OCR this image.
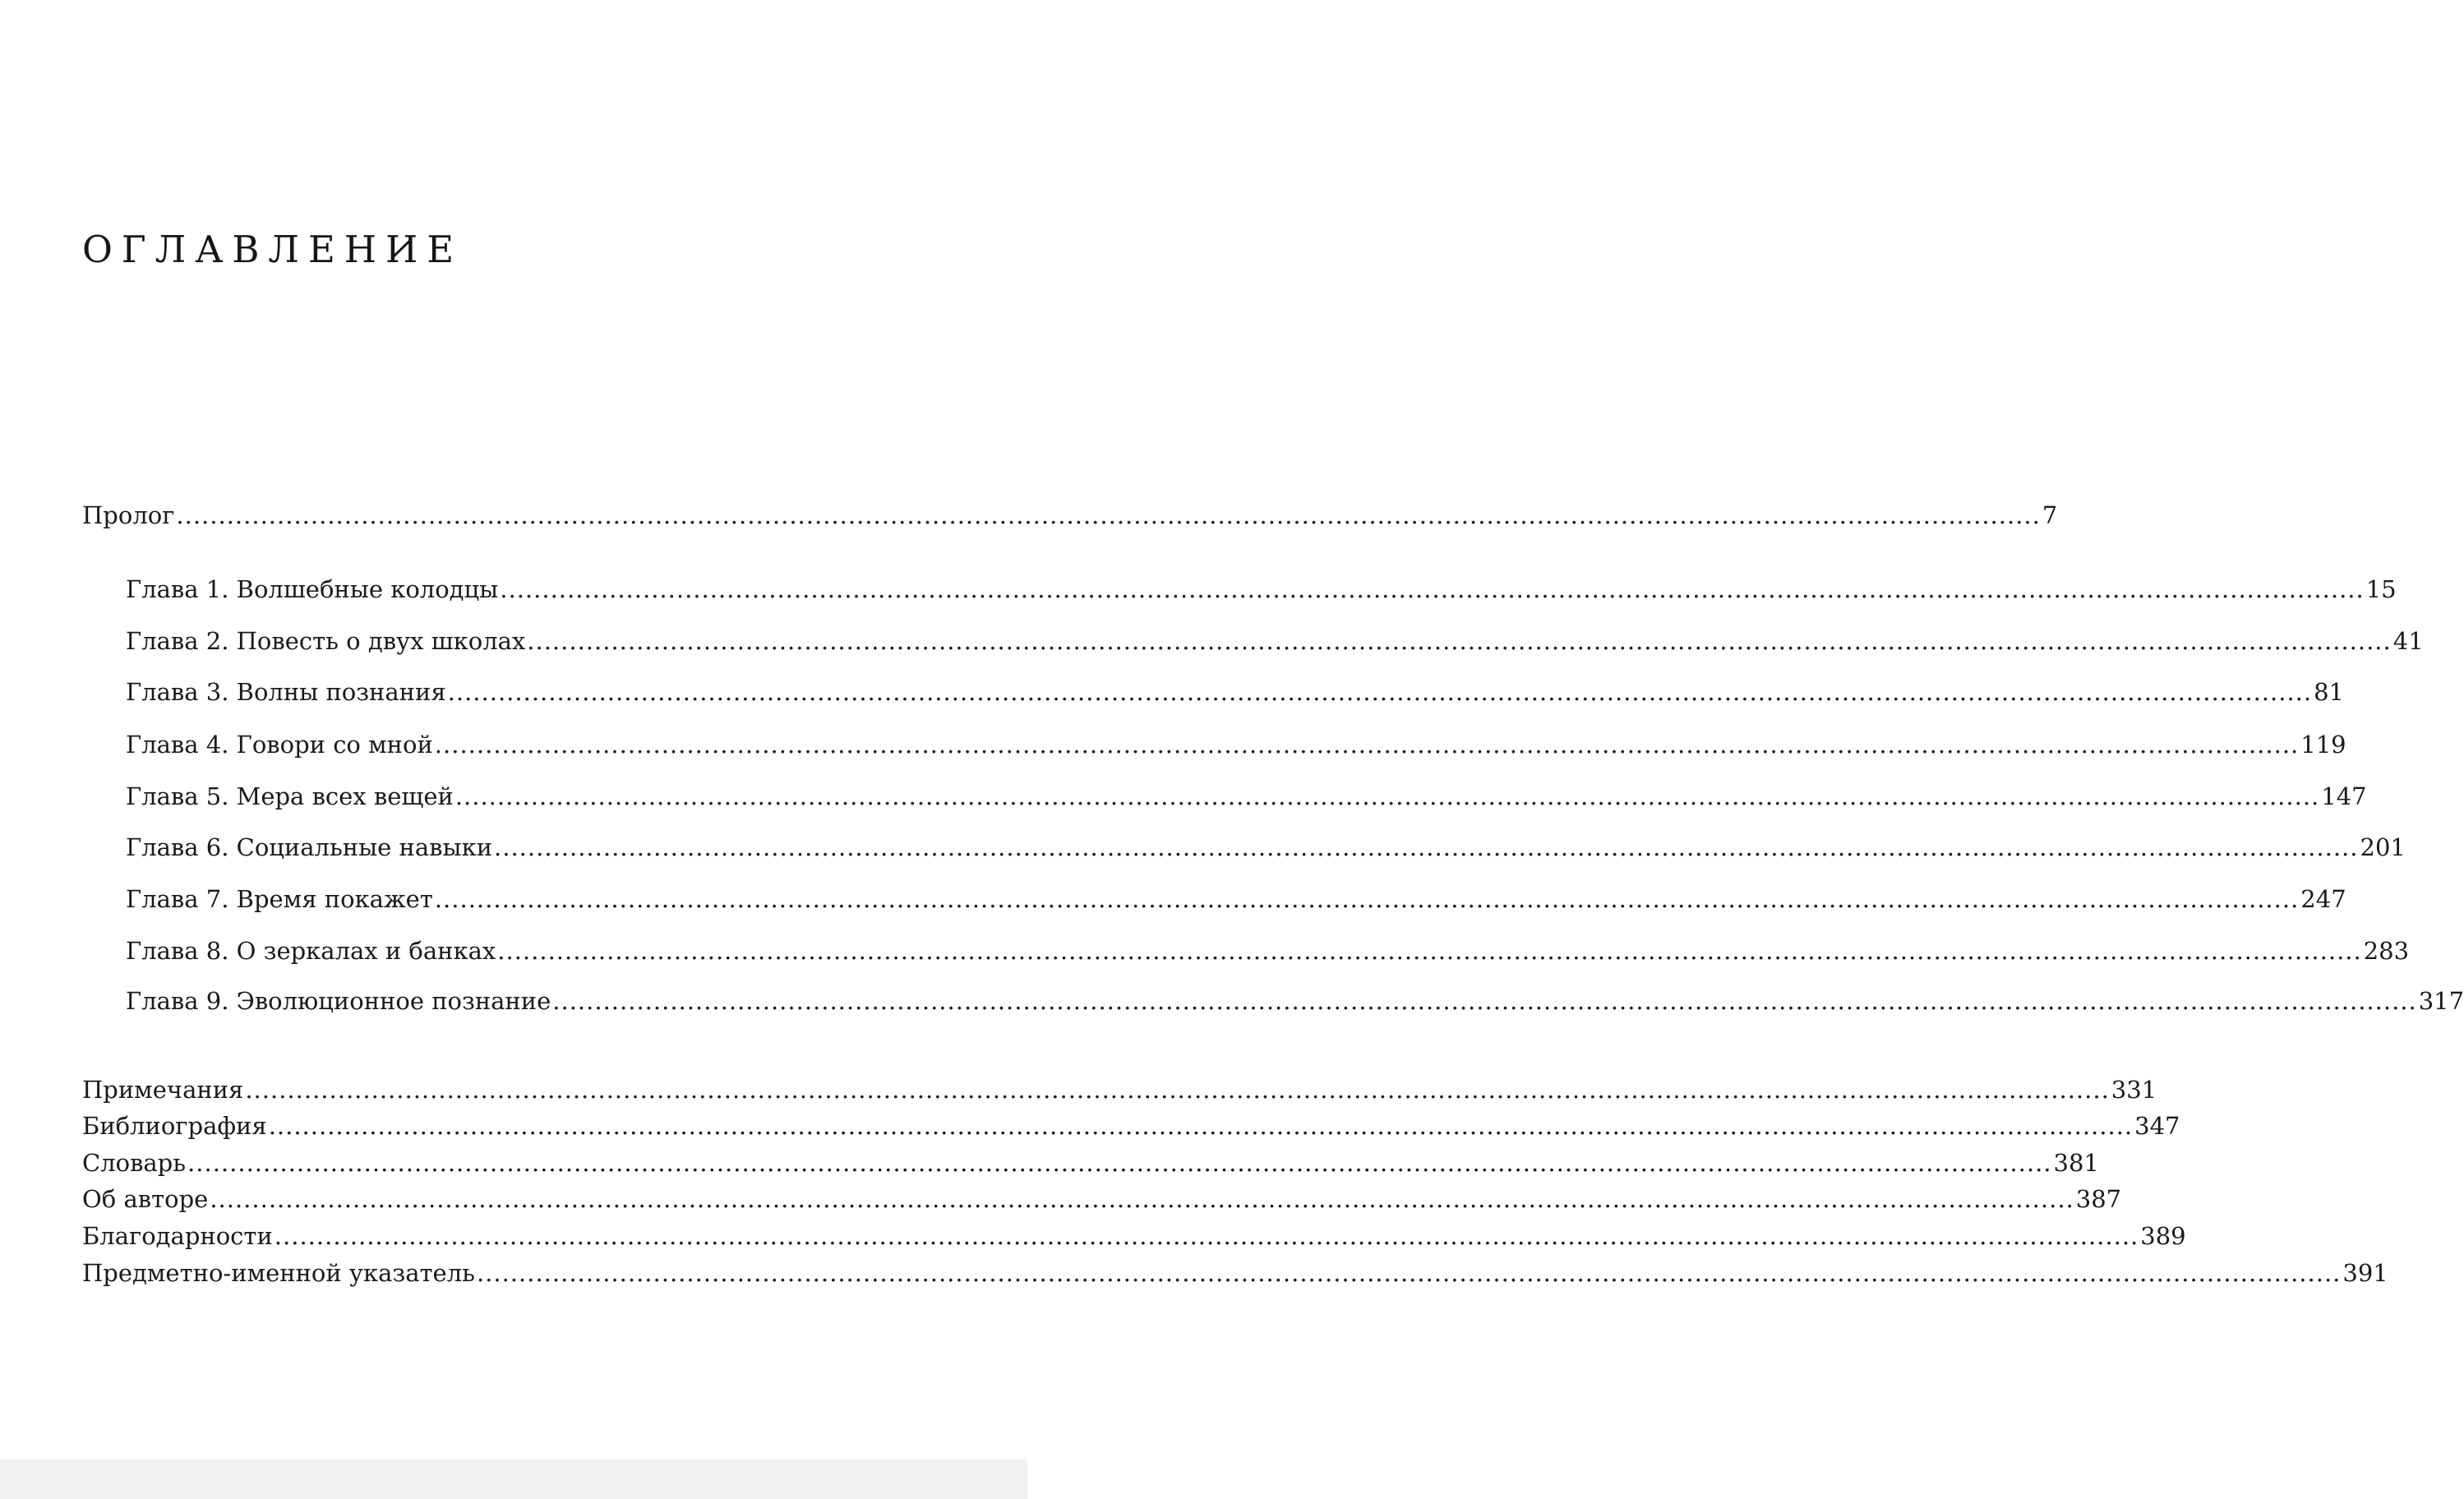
ОГЛАВЛЕНИЕ
Пролог .............................................................................................................................................................................................................................. 7
Глава 1. Волшебные колодцы .............................................................................................................................................................................................................................. 15
Глава 2. Повесть о двух школах .............................................................................................................................................................................................................................. 41
Глава 3. Волны познания .............................................................................................................................................................................................................................. 81
Глава 4. Говори со мной .............................................................................................................................................................................................................................. 119
Глава 5. Мера всех вещей .............................................................................................................................................................................................................................. 147
Глава 6. Социальные навыки .............................................................................................................................................................................................................................. 201
Глава 7. Время покажет .............................................................................................................................................................................................................................. 247
Глава 8. О зеркалах и банках .............................................................................................................................................................................................................................. 283
Глава 9. Эволюционное познание .............................................................................................................................................................................................................................. 317
Примечания .............................................................................................................................................................................................................................. 331
Библиография .............................................................................................................................................................................................................................. 347
Словарь .............................................................................................................................................................................................................................. 381
Об авторе .............................................................................................................................................................................................................................. 387
Благодарности .............................................................................................................................................................................................................................. 389
Предметно-именной указатель .............................................................................................................................................................................................................................. 391
